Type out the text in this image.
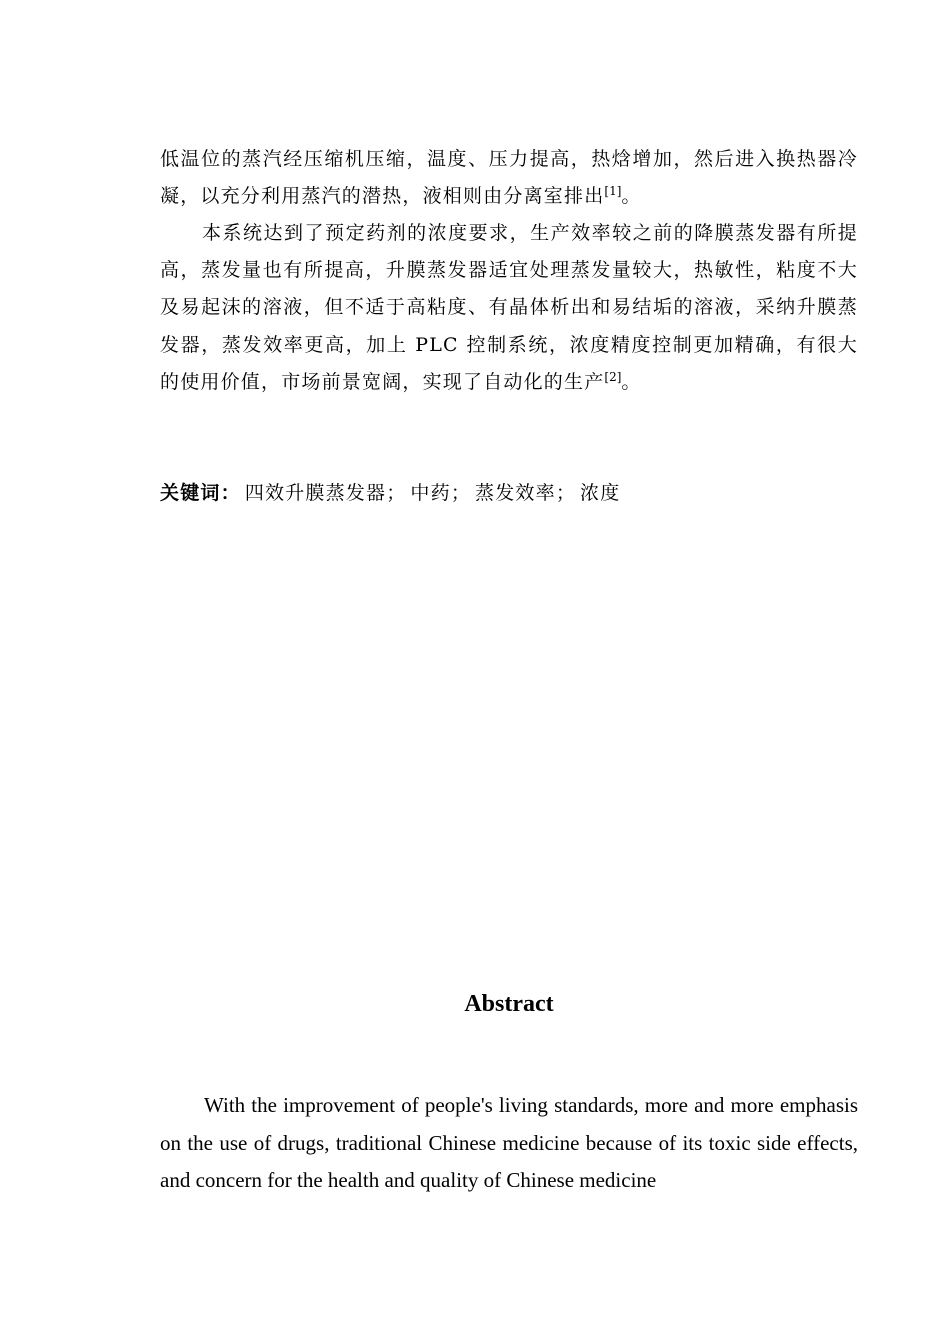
低温位的蒸汽经压缩机压缩，温度、压力提高，热焓增加，然后进入换热器冷凝，以充分利用蒸汽的潜热，液相则由分离室排出[1]。

本系统达到了预定药剂的浓度要求，生产效率较之前的降膜蒸发器有所提高，蒸发量也有所提高，升膜蒸发器适宜处理蒸发量较大，热敏性，粘度不大及易起沫的溶液，但不适于高粘度、有晶体析出和易结垢的溶液，采纳升膜蒸发器，蒸发效率更高，加上 PLC 控制系统，浓度精度控制更加精确，有很大的使用价值，市场前景宽阔，实现了自动化的生产[2]。

关键词： 四效升膜蒸发器； 中药； 蒸发效率； 浓度
Abstract

With the improvement of people's living standards, more and more emphasis on the use of drugs, traditional Chinese medicine because of its toxic side effects, and concern for the health and quality of Chinese medicine
